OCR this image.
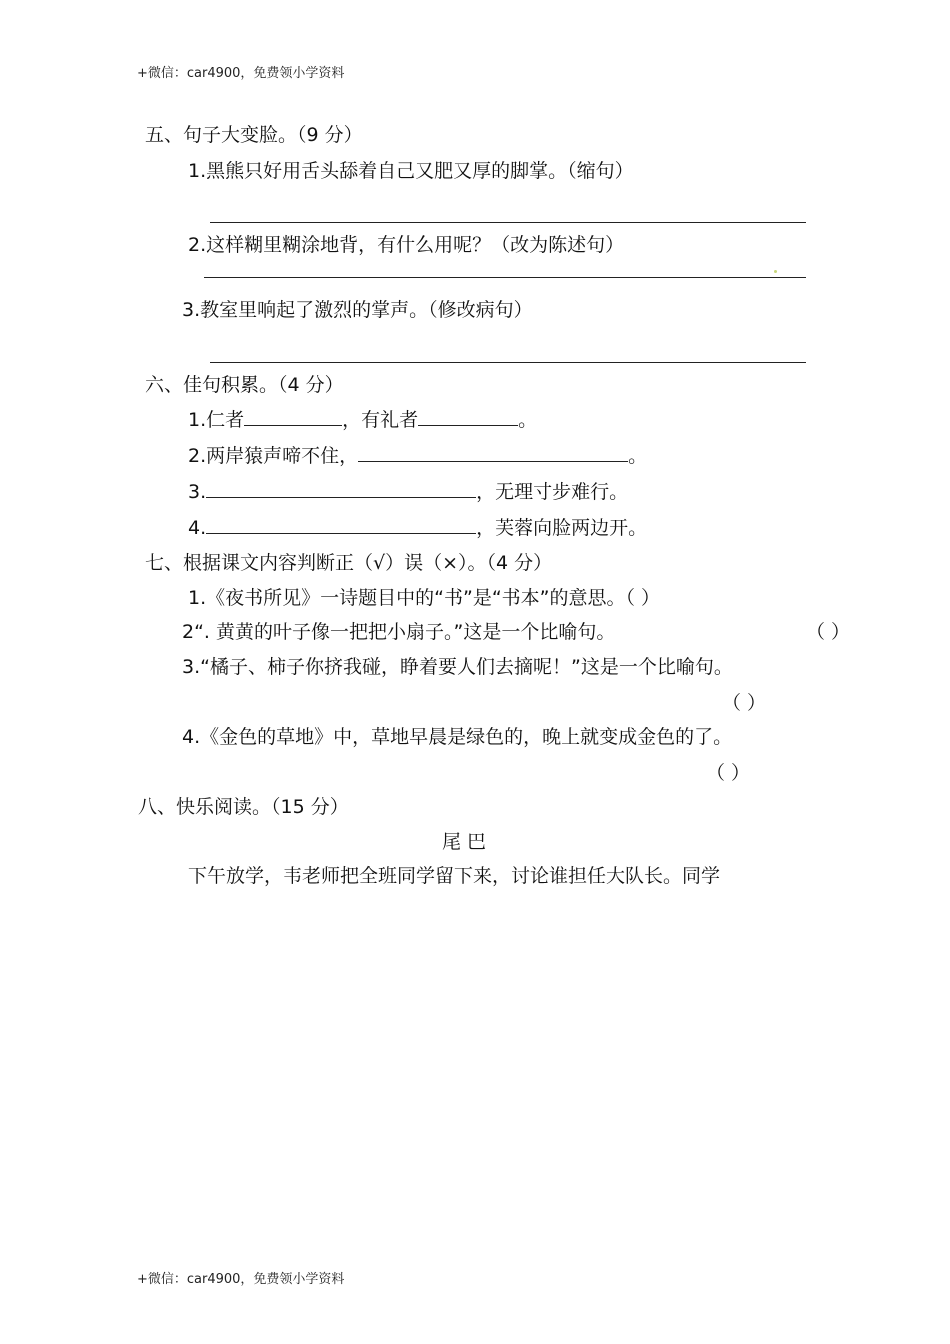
+微信：car4900，免费领小学资料
五、句子大变脸。（9 分）
1.黑熊只好用舌头舔着自己又肥又厚的脚掌。（缩句）
2.这样糊里糊涂地背，有什么用呢？（改为陈述句）
3.教室里响起了激烈的掌声。（修改病句）
六、佳句积累。（4 分）
1.仁者	，有礼者	。
2.两岸猿声啼不住，	。
3.	，无理寸步难行。
4.	，芙蓉向脸两边开。
七、根据课文内容判断正（√）误（×）。（4 分）
1.《夜书所见》一诗题目中的“书”是“书本”的意思。（ ）
2“. 黄黄的叶子像一把把小扇子。”这是一个比喻句。	（ ）
3.“橘子、柿子你挤我碰，睁着要人们去摘呢！”这是一个比喻句。
（ ）
4.《金色的草地》中，草地早晨是绿色的，晚上就变成金色的了。
（ ）
八、快乐阅读。（15 分）
尾 巴
下午放学，韦老师把全班同学留下来，讨论谁担任大队长。同学
+微信：car4900，免费领小学资料
